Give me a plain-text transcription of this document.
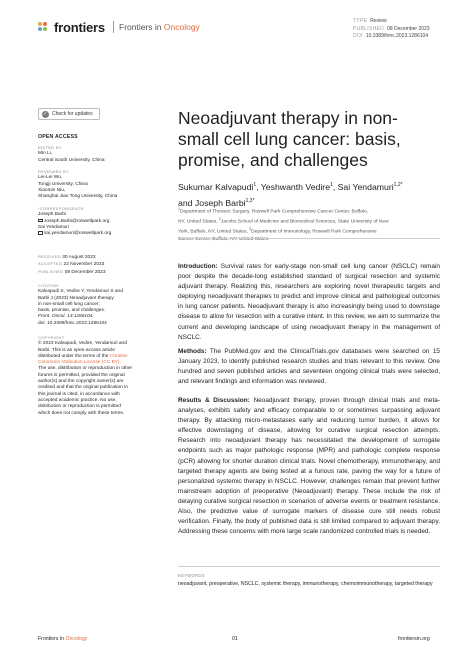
frontiers Frontiers in Oncology
TYPE Review
PUBLISHED 08 December 2023
DOI 10.3389/fonc.2023.1286104
✓ Check for updates
OPEN ACCESS
EDITED BY
Min Li,
Central South University, China
REVIEWED BY
Lei-Lei Wu,
Tongji University, China
Xiaomin Niu,
Shanghai Jiao Tong University, China
*CORRESPONDENCE
Joseph Barbi
Joseph.Barbi@roswellpark.org
Sai Yendamuri
sai.yendamuri@roswellpark.org
RECEIVED 30 August 2023
ACCEPTED 22 November 2023
PUBLISHED 08 December 2023
CITATION
Kalvapudi S, Vedire Y, Yendamuri S and
Barbi J (2023) Neoadjuvant therapy
in non-small cell lung cancer:
basis, promise, and challenges.
Front. Oncol. 13:1286104.
doi: 10.3389/fonc.2023.1286104
COPYRIGHT
© 2023 Kalvapudi, Vedire, Yendamuri and
Barbi. This is an open-access article
distributed under the terms of the Creative
Commons Attribution License (CC BY).
The use, distribution or reproduction in other
forums is permitted, provided the original
author(s) and the copyright owner(s) are
credited and that the original publication in
this journal is cited, in accordance with
accepted academic practice. No use,
distribution or reproduction is permitted
which does not comply with these terms.
Neoadjuvant therapy in non-small cell lung cancer: basis, promise, and challenges
Sukumar Kalvapudi$^1$, Yeshwanth Vedire$^1$, Sai Yendamuri$^{1,2*}$
and Joseph Barbi$^{1,3*}$
$^1$Department of Thoracic Surgery, Roswell Park Comprehensive Cancer Center, Buffalo,
NY, United States, $^2$Jacobs School of Medicine and Biomedical Sciences, State University of New
York, Buffalo, NY, United States, $^3$Department of Immunology, Roswell Park Comprehensive
Cancer Center, Buffalo, NY, United States
Introduction: Survival rates for early-stage non-small cell lung cancer (NSCLC) remain poor despite the decade-long established standard of surgical resection and systemic adjuvant therapy. Realizing this, researchers are exploring novel therapeutic targets and deploying neoadjuvant therapies to predict and improve clinical and pathological outcomes in lung cancer patients. Neoadjuvant therapy is also increasingly being used to downstage disease to allow for resection with a curative intent. In this review, we aim to summarize the current and developing landscape of using neoadjuvant therapy in the management of NSCLC.
Methods: The PubMed.gov and the ClinicalTrials.gov databases were searched on 15 January 2023, to identify published research studies and trials relevant to this review. One hundred and seven published articles and seventeen ongoing clinical trials were selected, and relevant findings and information was reviewed.
Results & Discussion: Neoadjuvant therapy, proven through clinical trials and meta-analyses, exhibits safety and efficacy comparable to or sometimes surpassing adjuvant therapy. By attacking micro-metastases early and reducing tumor burden, it allows for effective downstaging of disease, allowing for curative surgical resection attempts. Research into neoadjuvant therapy has necessitated the development of surrogate endpoints such as major pathologic response (MPR) and pathologic complete response (pCR) allowing for shorter duration clinical trials. Novel chemotherapy, immunotherapy, and targeted therapy agents are being tested at a furious rate, paving the way for a future of personalized systemic therapy in NSCLC. However, challenges remain that prevent further mainstream adoption of preoperative (Neoadjuvant) therapy. These include the risk of delaying curative surgical resection in scenarios of adverse events or treatment resistance. Also, the predictive value of surrogate markers of disease cure still needs robust verification. Finally, the body of published data is still limited compared to adjuvant therapy. Addressing these concerns with more large scale randomized controlled trials is needed.
KEYWORDS
neoadjuvant, preoperative, NSCLC, systemic therapy, immunotherapy, chemoimmunotherapy, targeted therapy
Frontiers in Oncology	01	frontiersin.org
